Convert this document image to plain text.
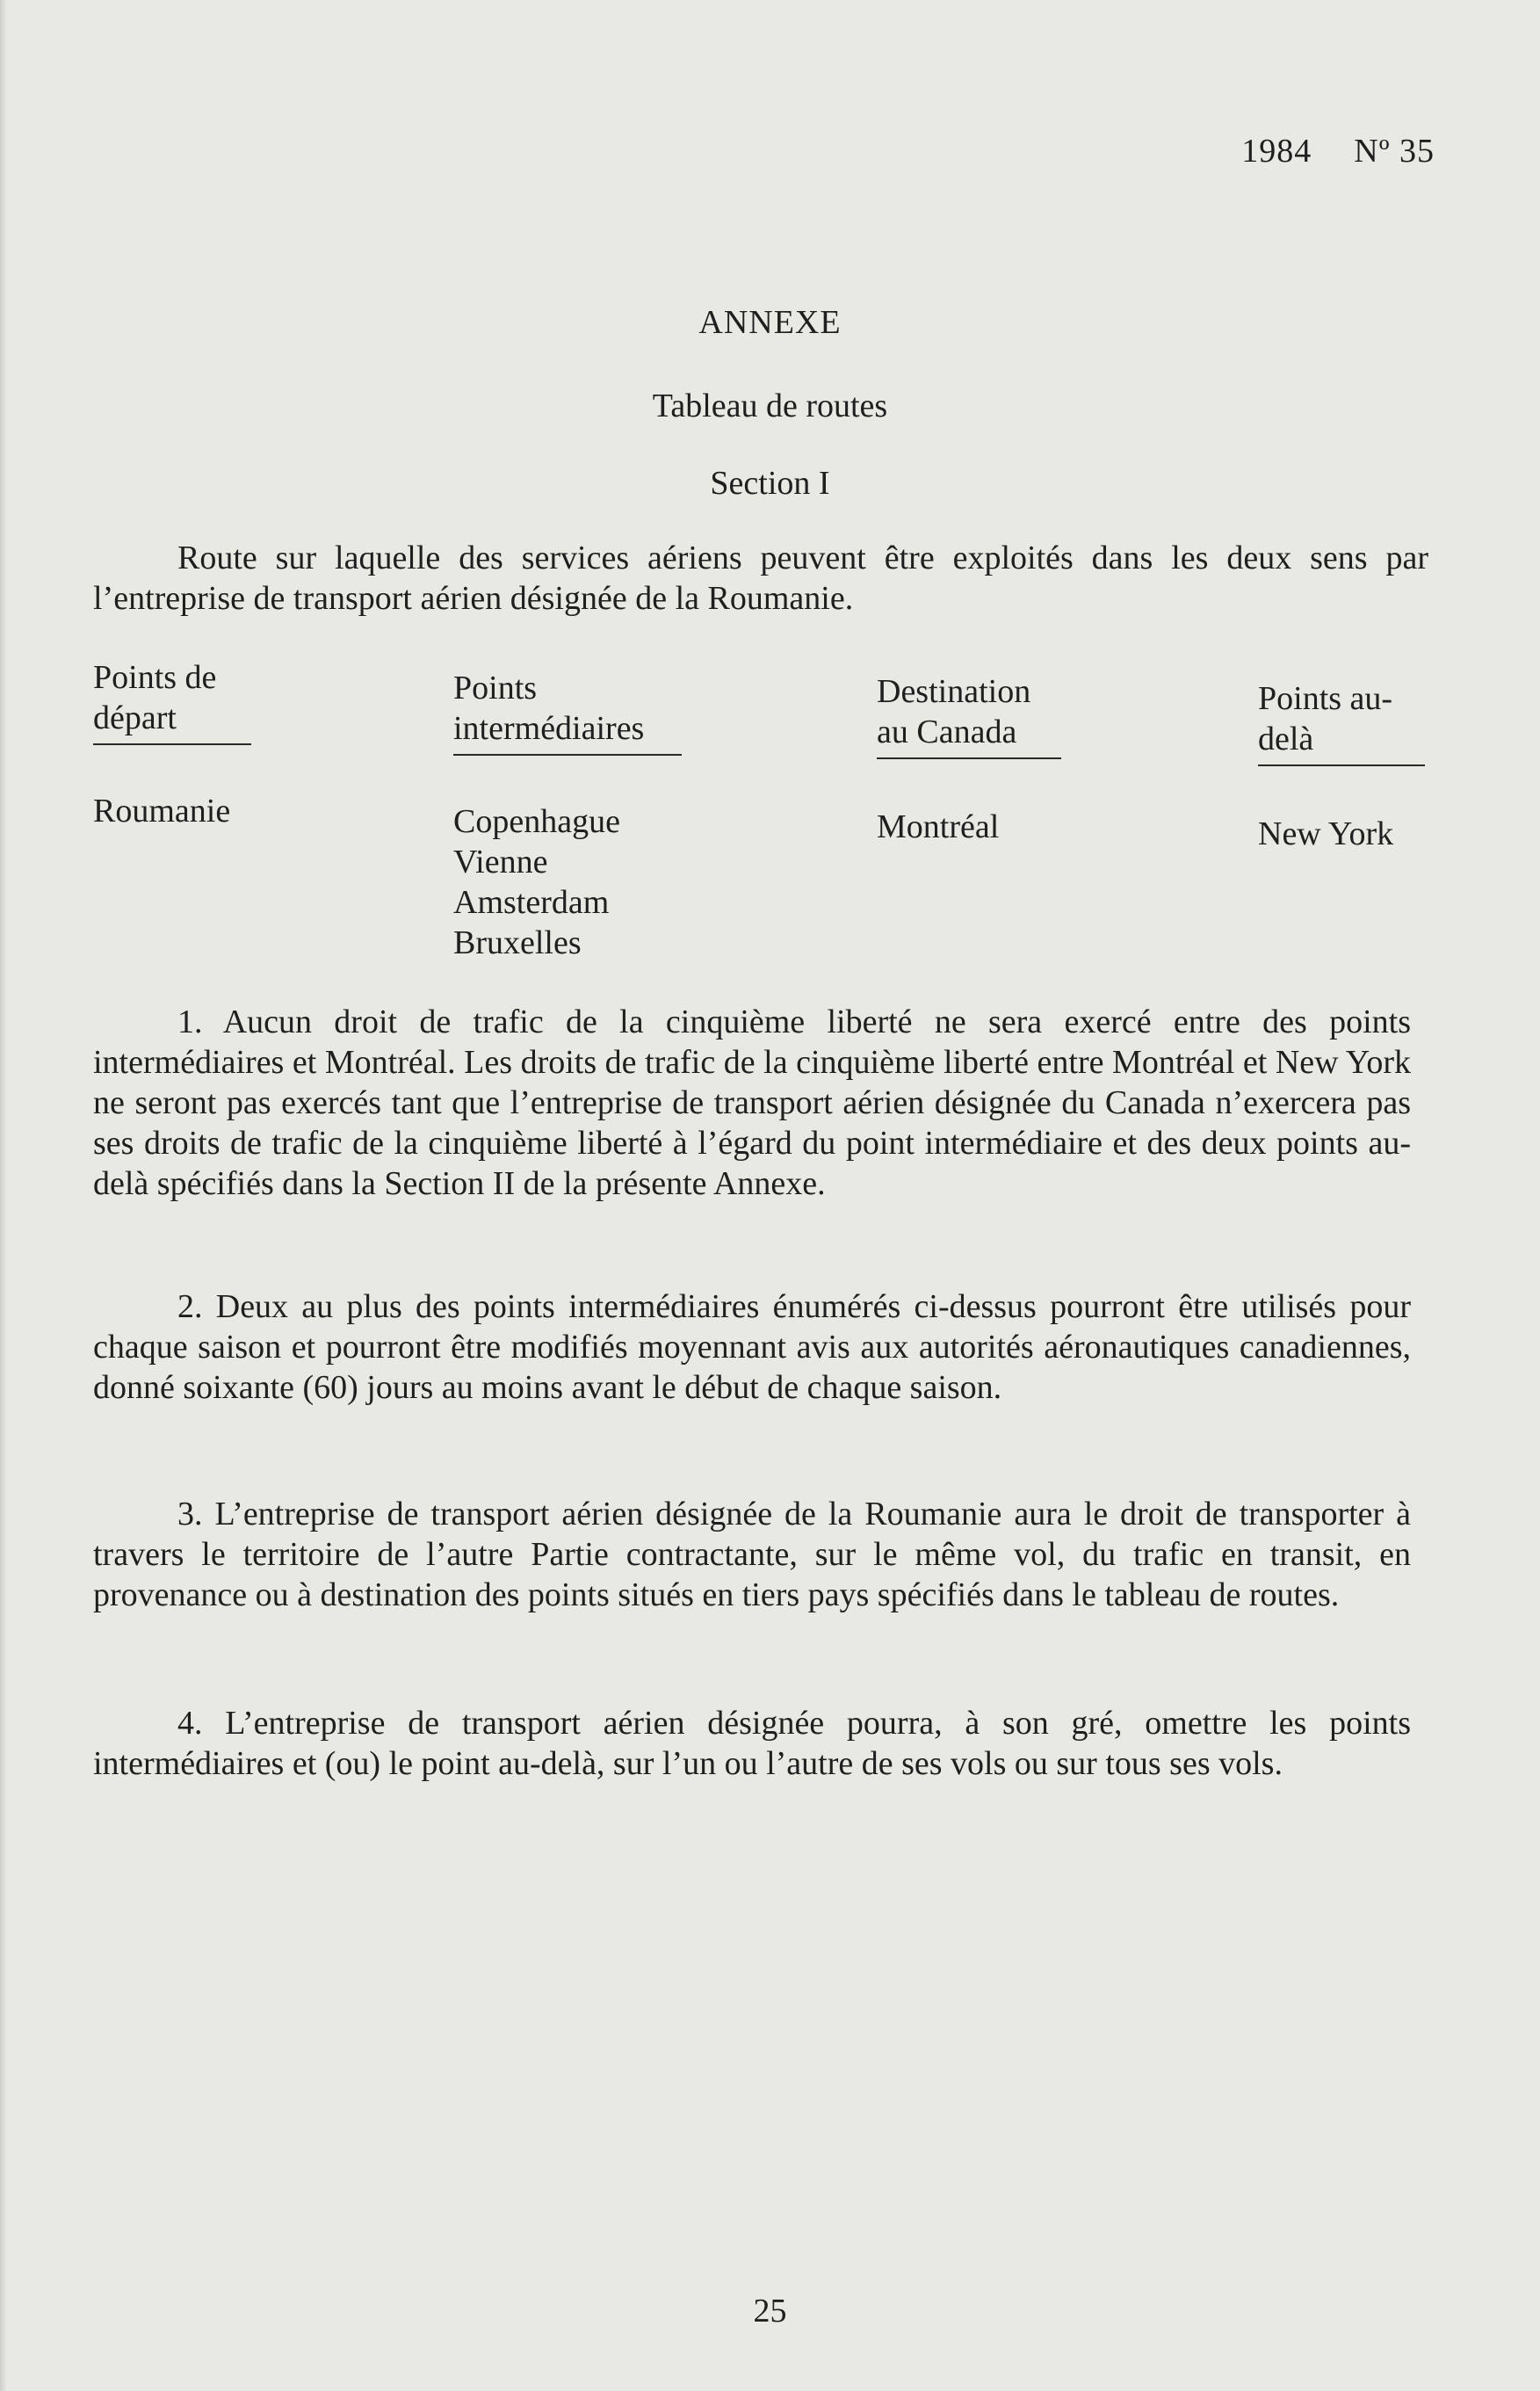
1984 Nº 35
ANNEXE
Tableau de routes
Section I
Route sur laquelle des services aériens peuvent être exploités dans les deux sens par l’entreprise de transport aérien désignée de la Roumanie.
Points de départ
Points intermédiaires
Destination au Canada
Points au-delà
Roumanie	Copenhague
Vienne
Amsterdam
Bruxelles
Montréal	New York
1. Aucun droit de trafic de la cinquième liberté ne sera exercé entre des points intermédiaires et Montréal. Les droits de trafic de la cinquième liberté entre Montréal et New York ne seront pas exercés tant que l’entreprise de transport aérien désignée du Canada n’exercera pas ses droits de trafic de la cinquième liberté à l’égard du point intermédiaire et des deux points au-delà spécifiés dans la Section II de la présente Annexe.
2. Deux au plus des points intermédiaires énumérés ci-dessus pourront être utilisés pour chaque saison et pourront être modifiés moyennant avis aux autorités aéronautiques canadiennes, donné soixante (60) jours au moins avant le début de chaque saison.
3. L’entreprise de transport aérien désignée de la Roumanie aura le droit de transporter à travers le territoire de l’autre Partie contractante, sur le même vol, du trafic en transit, en provenance ou à destination des points situés en tiers pays spécifiés dans le tableau de routes.
4. L’entreprise de transport aérien désignée pourra, à son gré, omettre les points intermédiaires et (ou) le point au-delà, sur l’un ou l’autre de ses vols ou sur tous ses vols.
25
